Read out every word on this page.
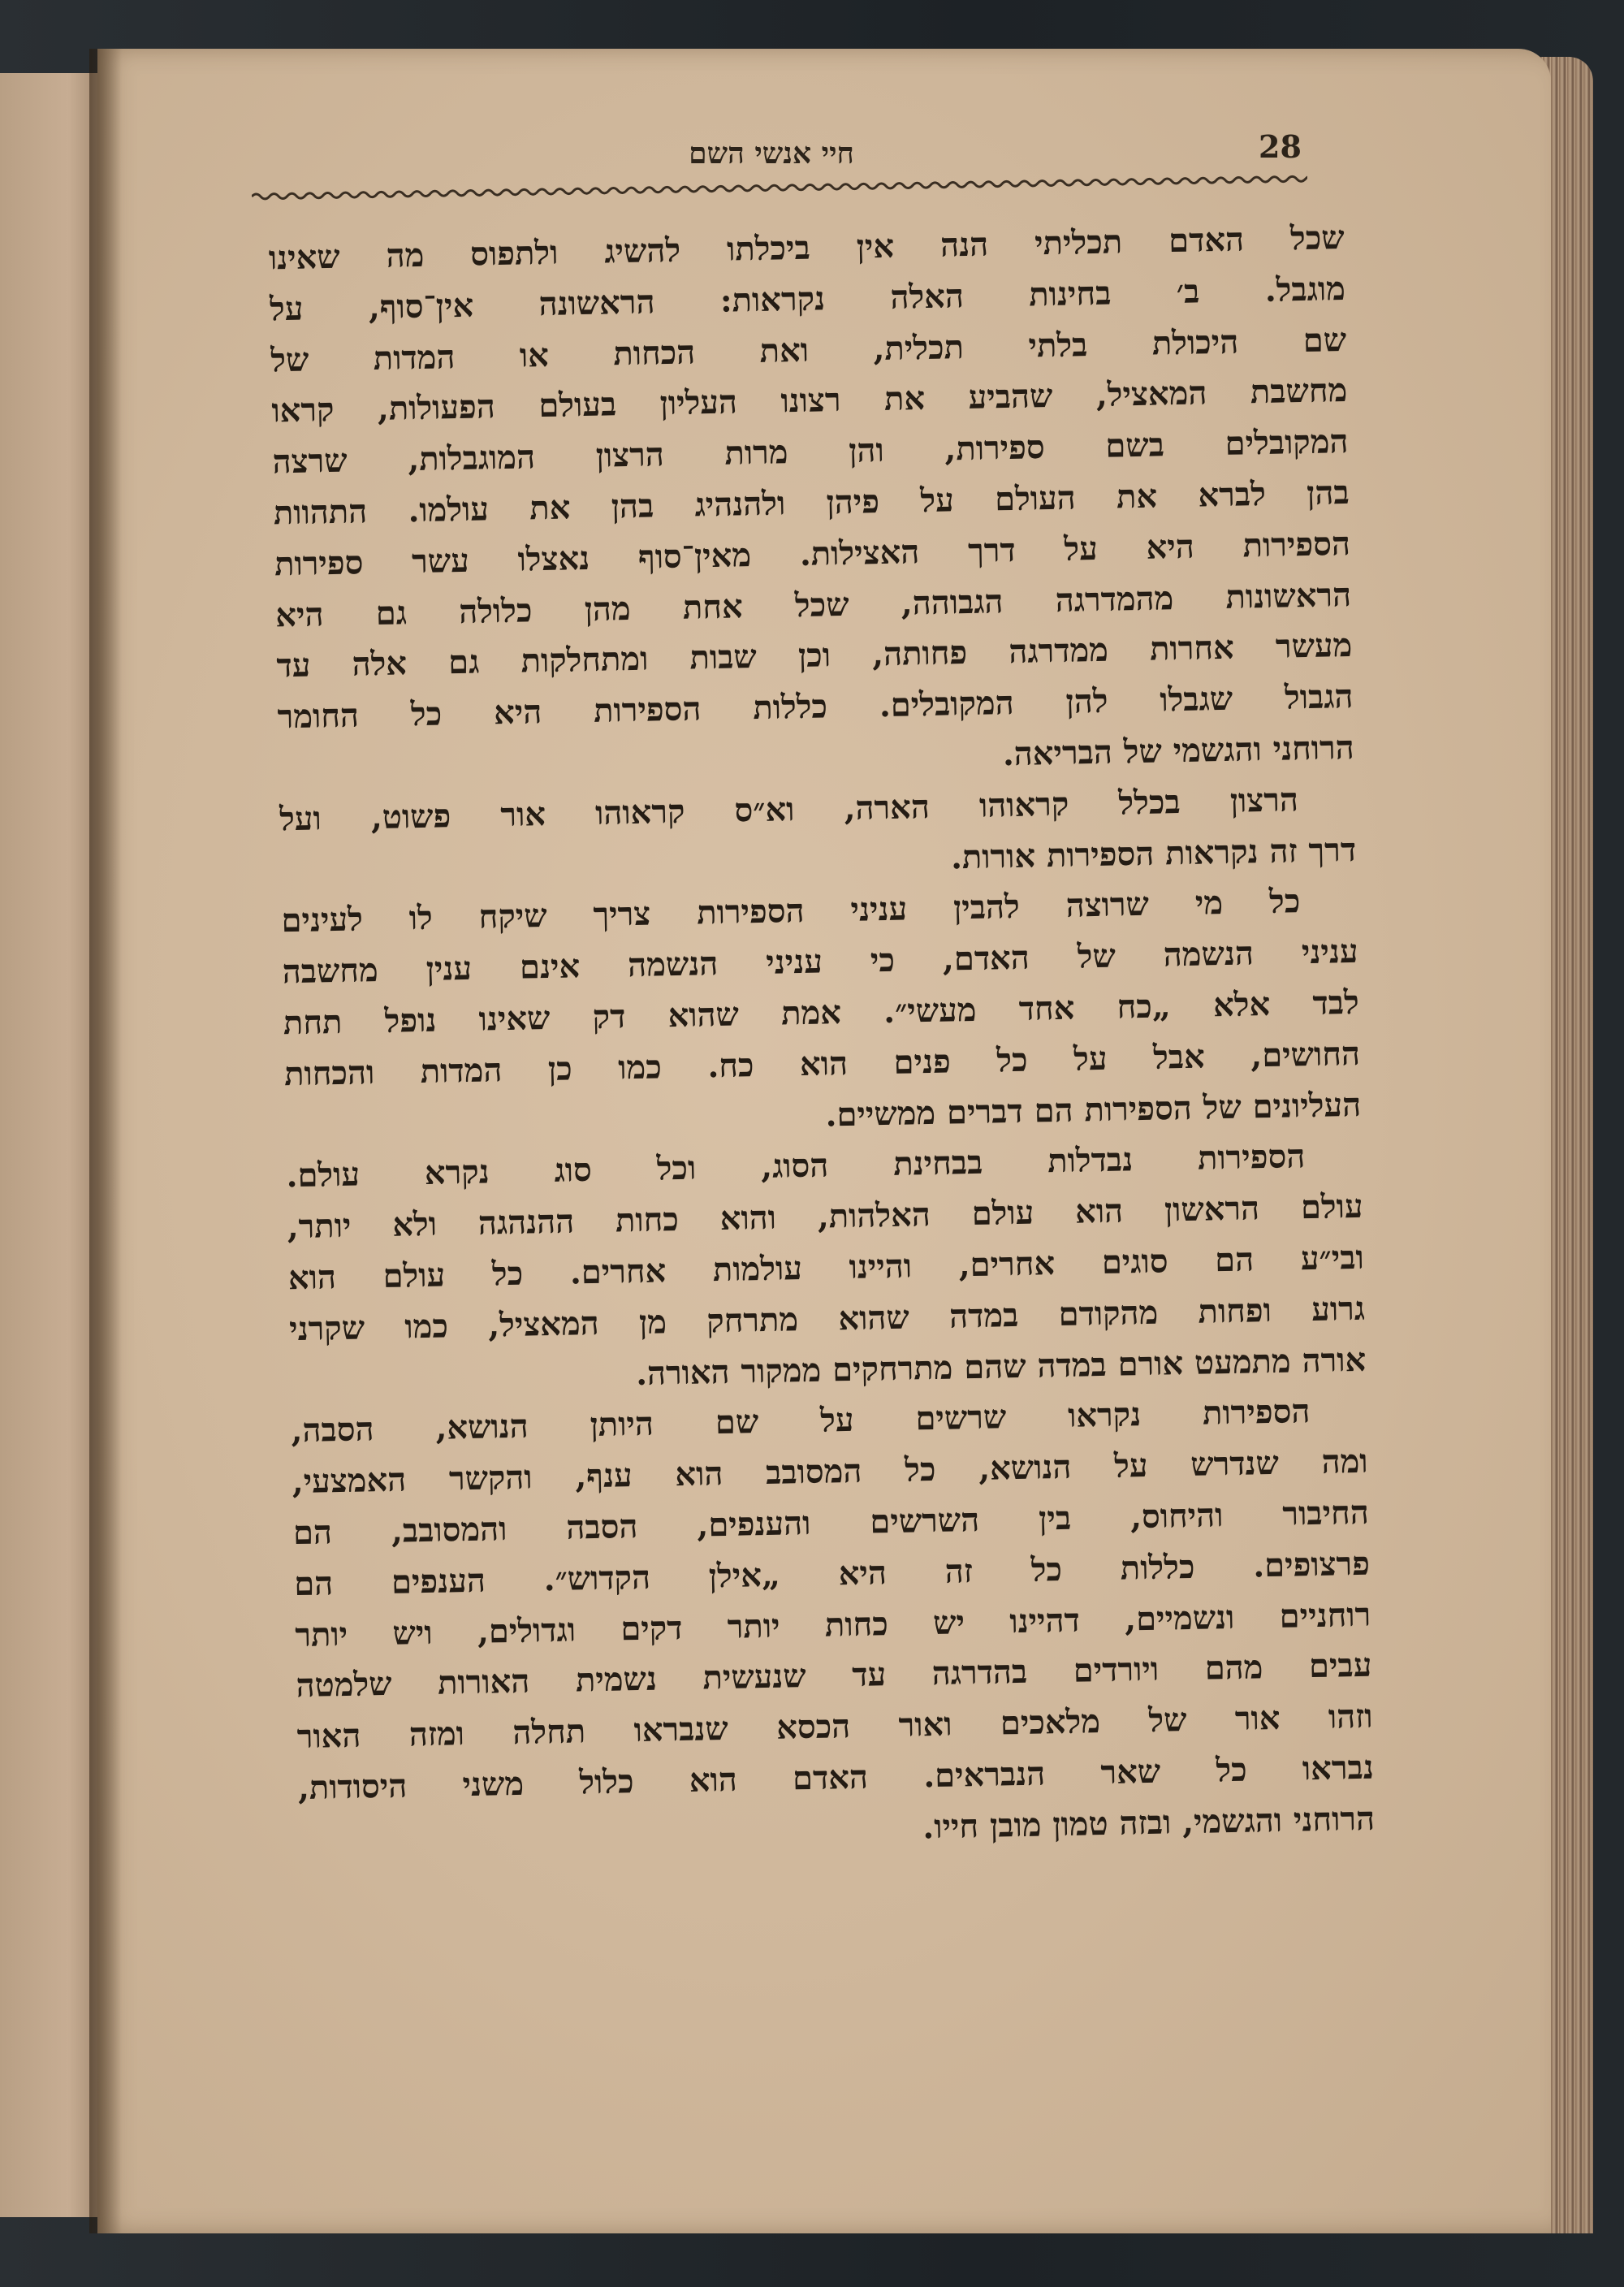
חיי אנשי השם	28
שכל האדם תכליתי הנה אין ביכלתו להשיג ולתפוס מה שאינו
מוגבל. ב׳ בחינות האלה נקראות: הראשונה אין־סוף, על
שם היכולת בלתי תכלית, ואת הכחות או המדות של
מחשבת המאציל, שהביע את רצונו העליון בעולם הפעולות, קראו
המקובלים בשם ספירות, והן מרות הרצון המוגבלות, שרצה
בהן לברא את העולם על פיהן ולהנהיג בהן את עולמו. התהוות
הספירות היא על דרך האצילות. מאין־סוף נאצלו עשר ספירות
הראשונות מהמדרגה הגבוהה, שכל אחת מהן כלולה גם היא
מעשר אחרות ממדרגה פחותה, וכן שבות ומתחלקות גם אלה עד
הגבול שגבלו להן המקובלים. כללות הספירות היא כל החומר
הרוחני והגשמי של הבריאה.
הרצון בכלל קראוהו הארה, וא״ס קראוהו אור פשוט, ועל
דרך זה נקראות הספירות אורות.
כל מי שרוצה להבין עניני הספירות צריך שיקח לו לעינים
עניני הנשמה של האדם, כי עניני הנשמה אינם ענין מחשבה
לבד אלא „כח אחד מעשי״. אמת שהוא דק שאינו נופל תחת
החושים, אבל על כל פנים הוא כח. כמו כן המדות והכחות
העליונים של הספירות הם דברים ממשיים.
הספירות נבדלות בבחינת הסוג, וכל סוג נקרא עולם.
עולם הראשון הוא עולם האלהות, והוא כחות ההנהגה ולא יותר,
ובי״ע הם סוגים אחרים, והיינו עולמות אחרים. כל עולם הוא
גרוע ופחות מהקודם במדה שהוא מתרחק מן המאציל, כמו שקרני
אורה מתמעט אורם במדה שהם מתרחקים ממקור האורה.
הספירות נקראו שרשים על שם היותן הנושא, הסבה,
ומה שנדרש על הנושא, כל המסובב הוא ענף, והקשר האמצעי,
החיבור והיחוס, בין השרשים והענפים, הסבה והמסובב, הם
פרצופים. כללות כל זה היא „אילן הקדוש״. הענפים הם
רוחניים ונשמיים, דהיינו יש כחות יותר דקים וגדולים, ויש יותר
עבים מהם ויורדים בהדרגה עד שנעשית נשמית האורות שלמטה
וזהו אור של מלאכים ואור הכסא שנבראו תחלה ומזה האור
נבראו כל שאר הנבראים. האדם הוא כלול משני היסודות,
הרוחני והגשמי, ובזה טמון מובן חייו.
